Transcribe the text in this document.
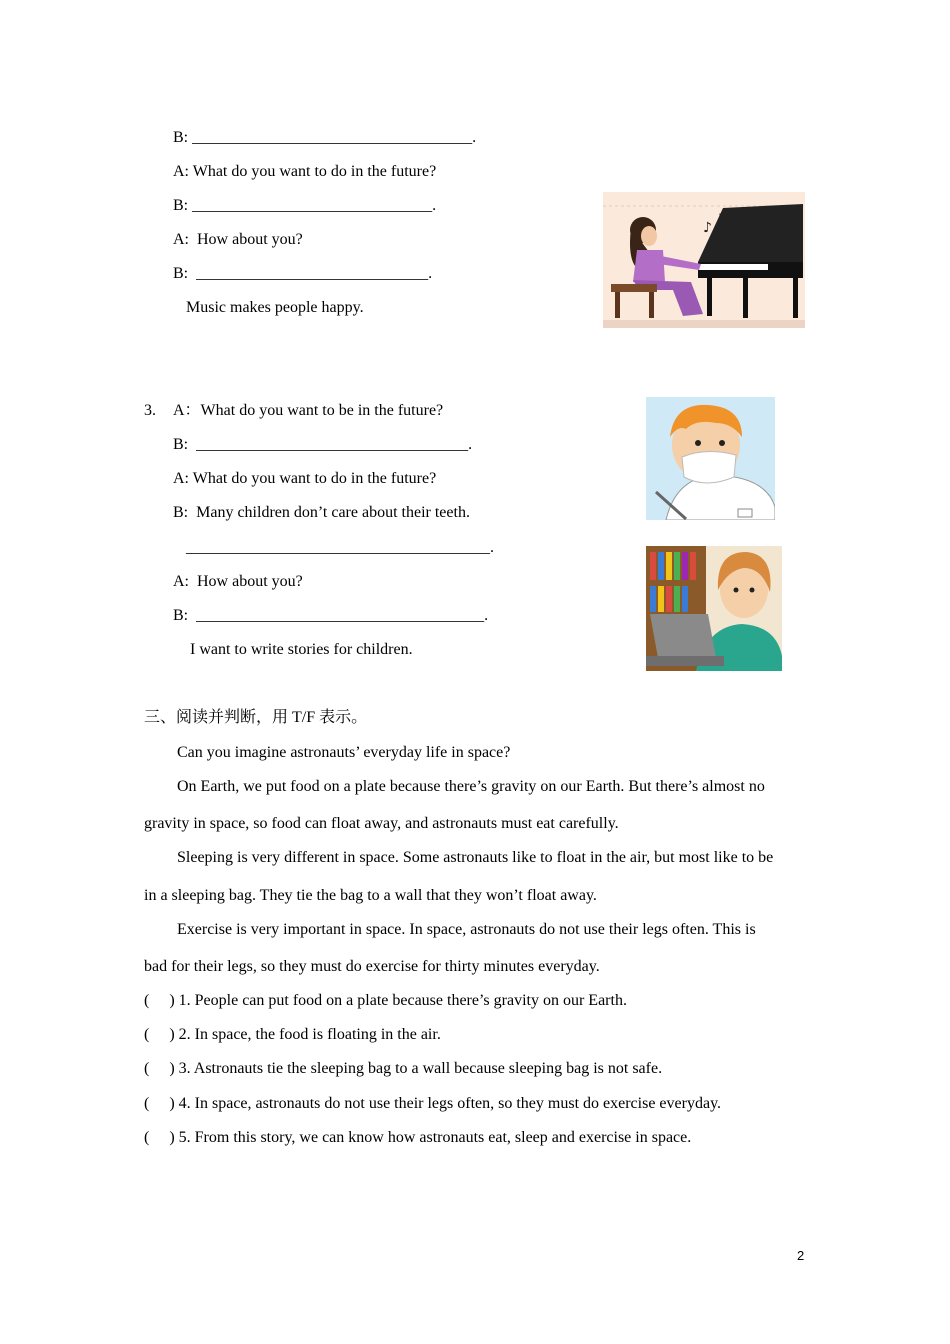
B: ___________________________________.
A: What do you want to do in the future?
B: ______________________________.
A:  How about you?
B:  _____________________________.
Music makes people happy.
♪
♫
3. A：What do you want to be in the future?
B:  __________________________________.
A: What do you want to do in the future?
B:  Many children don’t care about their teeth.
______________________________________.
A:  How about you?
B:  ____________________________________.
I want to write stories for children.
三、阅读并判断，用 T/F 表示。
Can you imagine astronauts’ everyday life in space?
On Earth, we put food on a plate because there’s gravity on our Earth. But there’s almost no
gravity in space, so food can float away, and astronauts must eat carefully.
Sleeping is very different in space. Some astronauts like to float in the air, but most like to be
in a sleeping bag. They tie the bag to a wall that they won’t float away.
Exercise is very important in space. In space, astronauts do not use their legs often. This is
bad for their legs, so they must do exercise for thirty minutes everyday.
(     ) 1. People can put food on a plate because there’s gravity on our Earth.
(     ) 2. In space, the food is floating in the air.
(     ) 3. Astronauts tie the sleeping bag to a wall because sleeping bag is not safe.
(     ) 4. In space, astronauts do not use their legs often, so they must do exercise everyday.
(     ) 5. From this story, we can know how astronauts eat, sleep and exercise in space.
2
